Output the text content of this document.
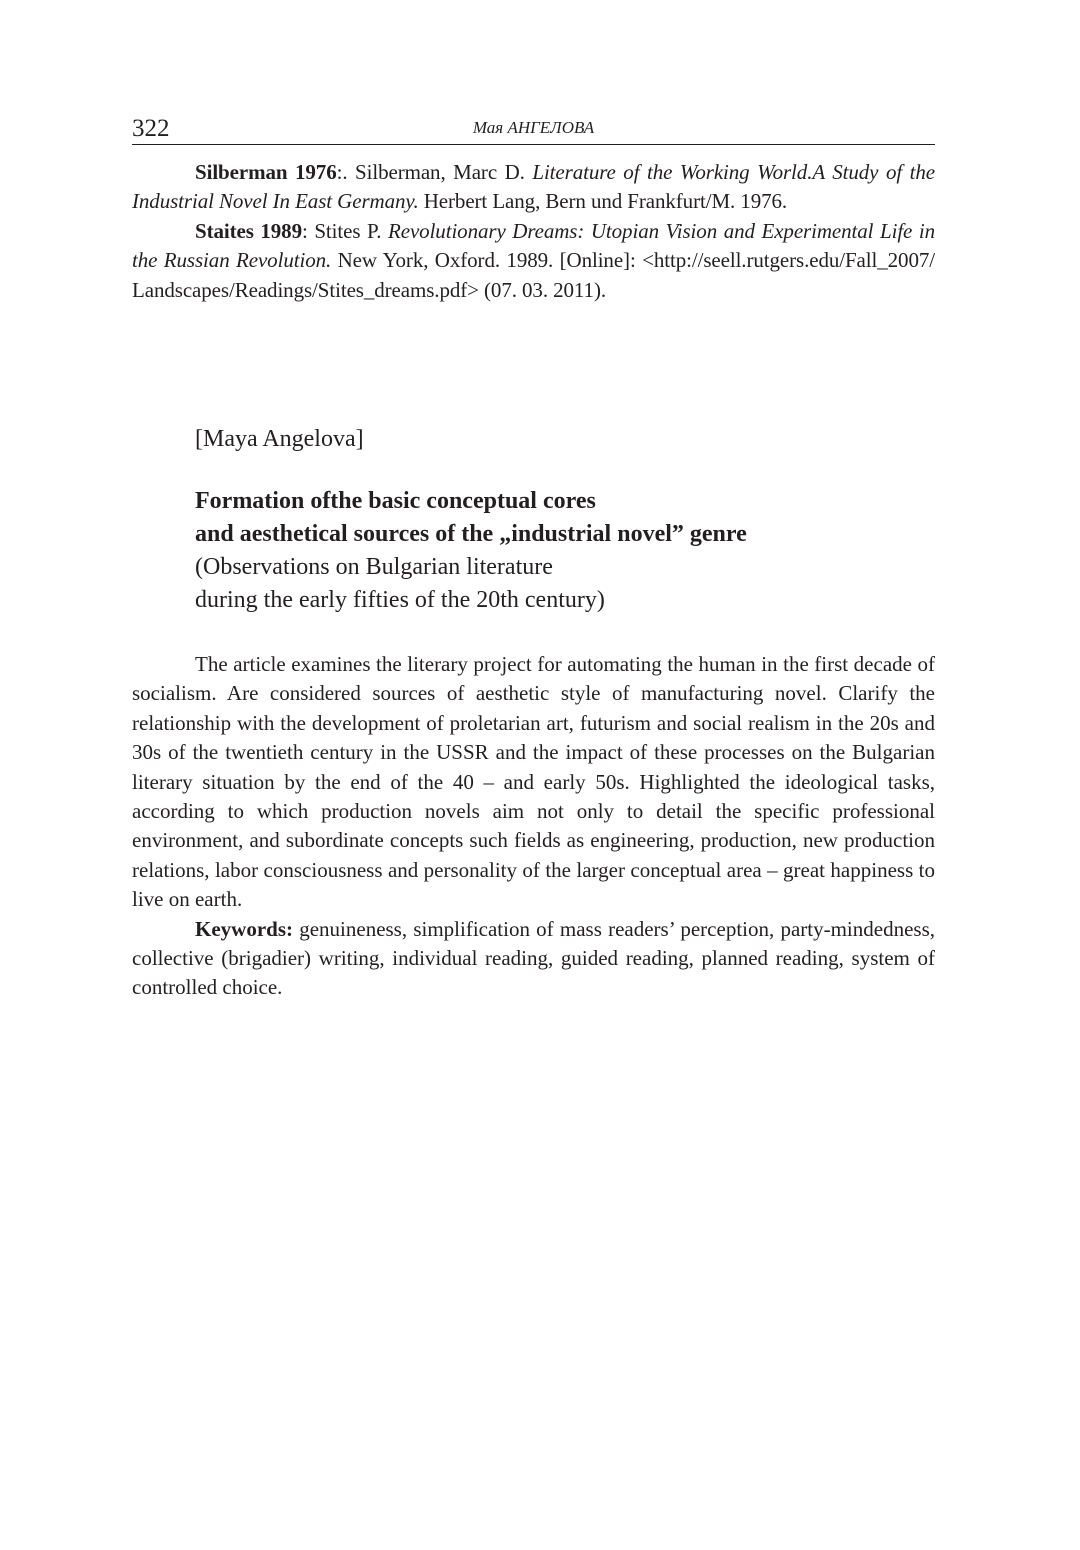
322	Мая АНГЕЛОВА

Silberman 1976:. Silberman, Marc D. Literature of the Working World.A Study of the Industrial Novel In East Germany. Herbert Lang, Bern und Frankfurt/M. 1976.

Staites 1989: Stites P. Revolutionary Dreams: Utopian Vision and Experimental Life in the Russian Revolution. New York, Oxford. 1989. [Online]: <http://seell.rutgers.edu/Fall_2007/Landscapes/Readings/Stites_dreams.pdf> (07. 03. 2011).

[Maya Angelova]

Formation ofthe basic conceptual cores

and aesthetical sources of the „industrial novel” genre

(Observations on Bulgarian literature

during the early fifties of the 20th century)

The article examines the literary project for automating the human in the first decade of socialism. Are considered sources of aesthetic style of manufacturing novel. Clarify the relationship with the development of proletarian art, futurism and social realism in the 20s and 30s of the twentieth century in the USSR and the impact of these processes on the Bulgarian literary situation by the end of the 40 – and early 50s. Highlighted the ideological tasks, according to which production novels aim not only to detail the specific professional environment, and subordinate concepts such fields as engineering, production, new production relations, labor consciousness and personality of the larger conceptual area – great happiness to live on earth.

Keywords: genuineness, simplification of mass readers’ perception, party-mindedness, collective (brigadier) writing, individual reading, guided reading, planned reading, system of controlled choice.
